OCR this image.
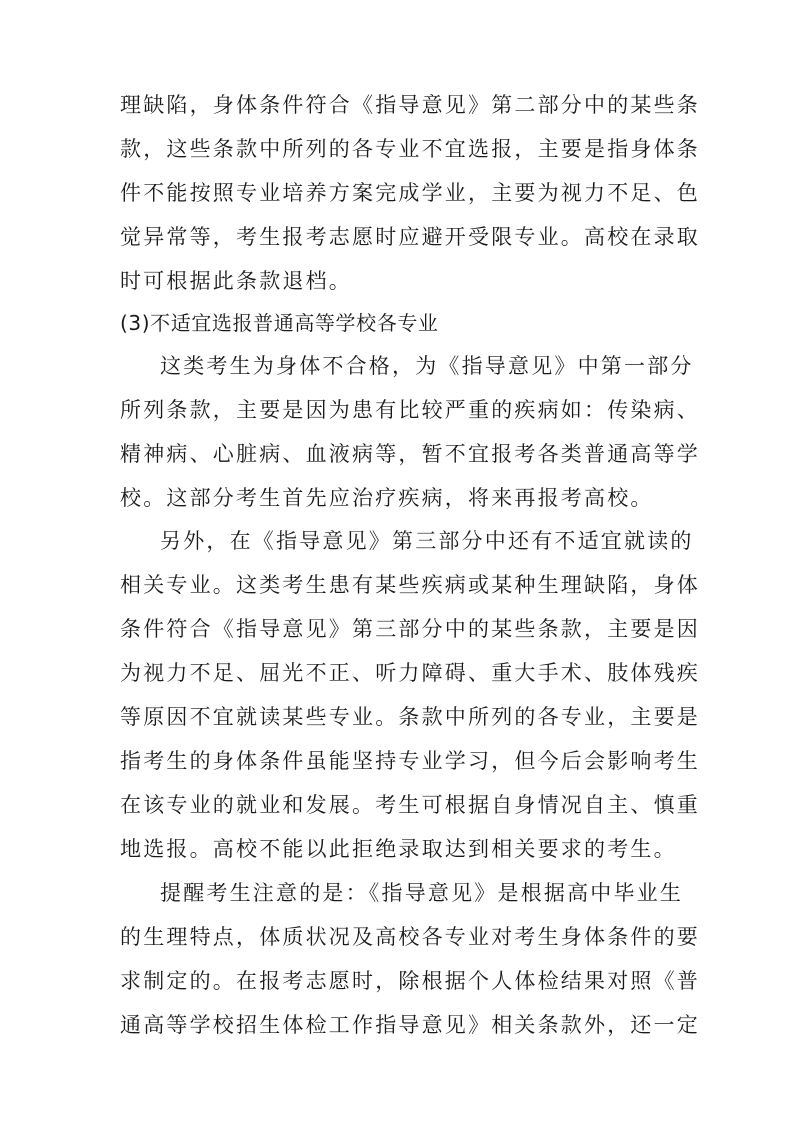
理缺陷，身体条件符合《指导意见》第二部分中的某些条
款，这些条款中所列的各专业不宜选报，主要是指身体条
件不能按照专业培养方案完成学业，主要为视力不足、色
觉异常等，考生报考志愿时应避开受限专业。高校在录取
时可根据此条款退档。
(3)不适宜选报普通高等学校各专业
这类考生为身体不合格，为《指导意见》中第一部分
所列条款，主要是因为患有比较严重的疾病如：传染病、
精神病、心脏病、血液病等，暂不宜报考各类普通高等学
校。这部分考生首先应治疗疾病，将来再报考高校。
另外，在《指导意见》第三部分中还有不适宜就读的
相关专业。这类考生患有某些疾病或某种生理缺陷，身体
条件符合《指导意见》第三部分中的某些条款，主要是因
为视力不足、屈光不正、听力障碍、重大手术、肢体残疾
等原因不宜就读某些专业。条款中所列的各专业，主要是
指考生的身体条件虽能坚持专业学习，但今后会影响考生
在该专业的就业和发展。考生可根据自身情况自主、慎重
地选报。高校不能以此拒绝录取达到相关要求的考生。
提醒考生注意的是：《指导意见》是根据高中毕业生
的生理特点，体质状况及高校各专业对考生身体条件的要
求制定的。在报考志愿时，除根据个人体检结果对照《普
通高等学校招生体检工作指导意见》相关条款外，还一定
